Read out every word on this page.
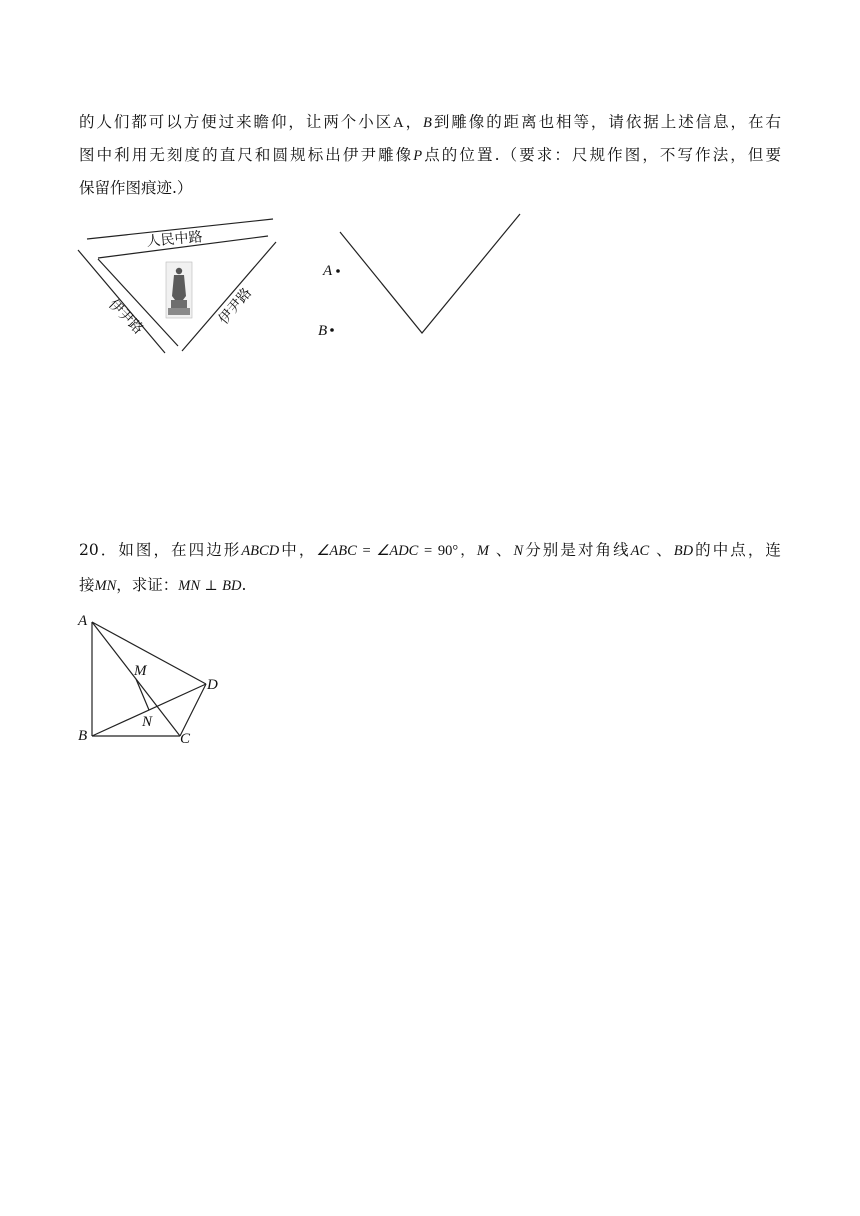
的人们都可以方便过来瞻仰，让两个小区A，B到雕像的距离也相等，请依据上述信息，在右
图中利用无刻度的直尺和圆规标出伊尹雕像P点的位置.（要求：尺规作图，不写作法，但要
保留作图痕迹.）
人民中路
伊尹路	伊尹路
A
B
20．如图，在四边形ABCD中，∠ABC = ∠ADC = 90°，M 、N分别是对角线AC 、BD的中点，连
接MN，求证：MN ⊥ BD.
A
B	C
D
M
N
